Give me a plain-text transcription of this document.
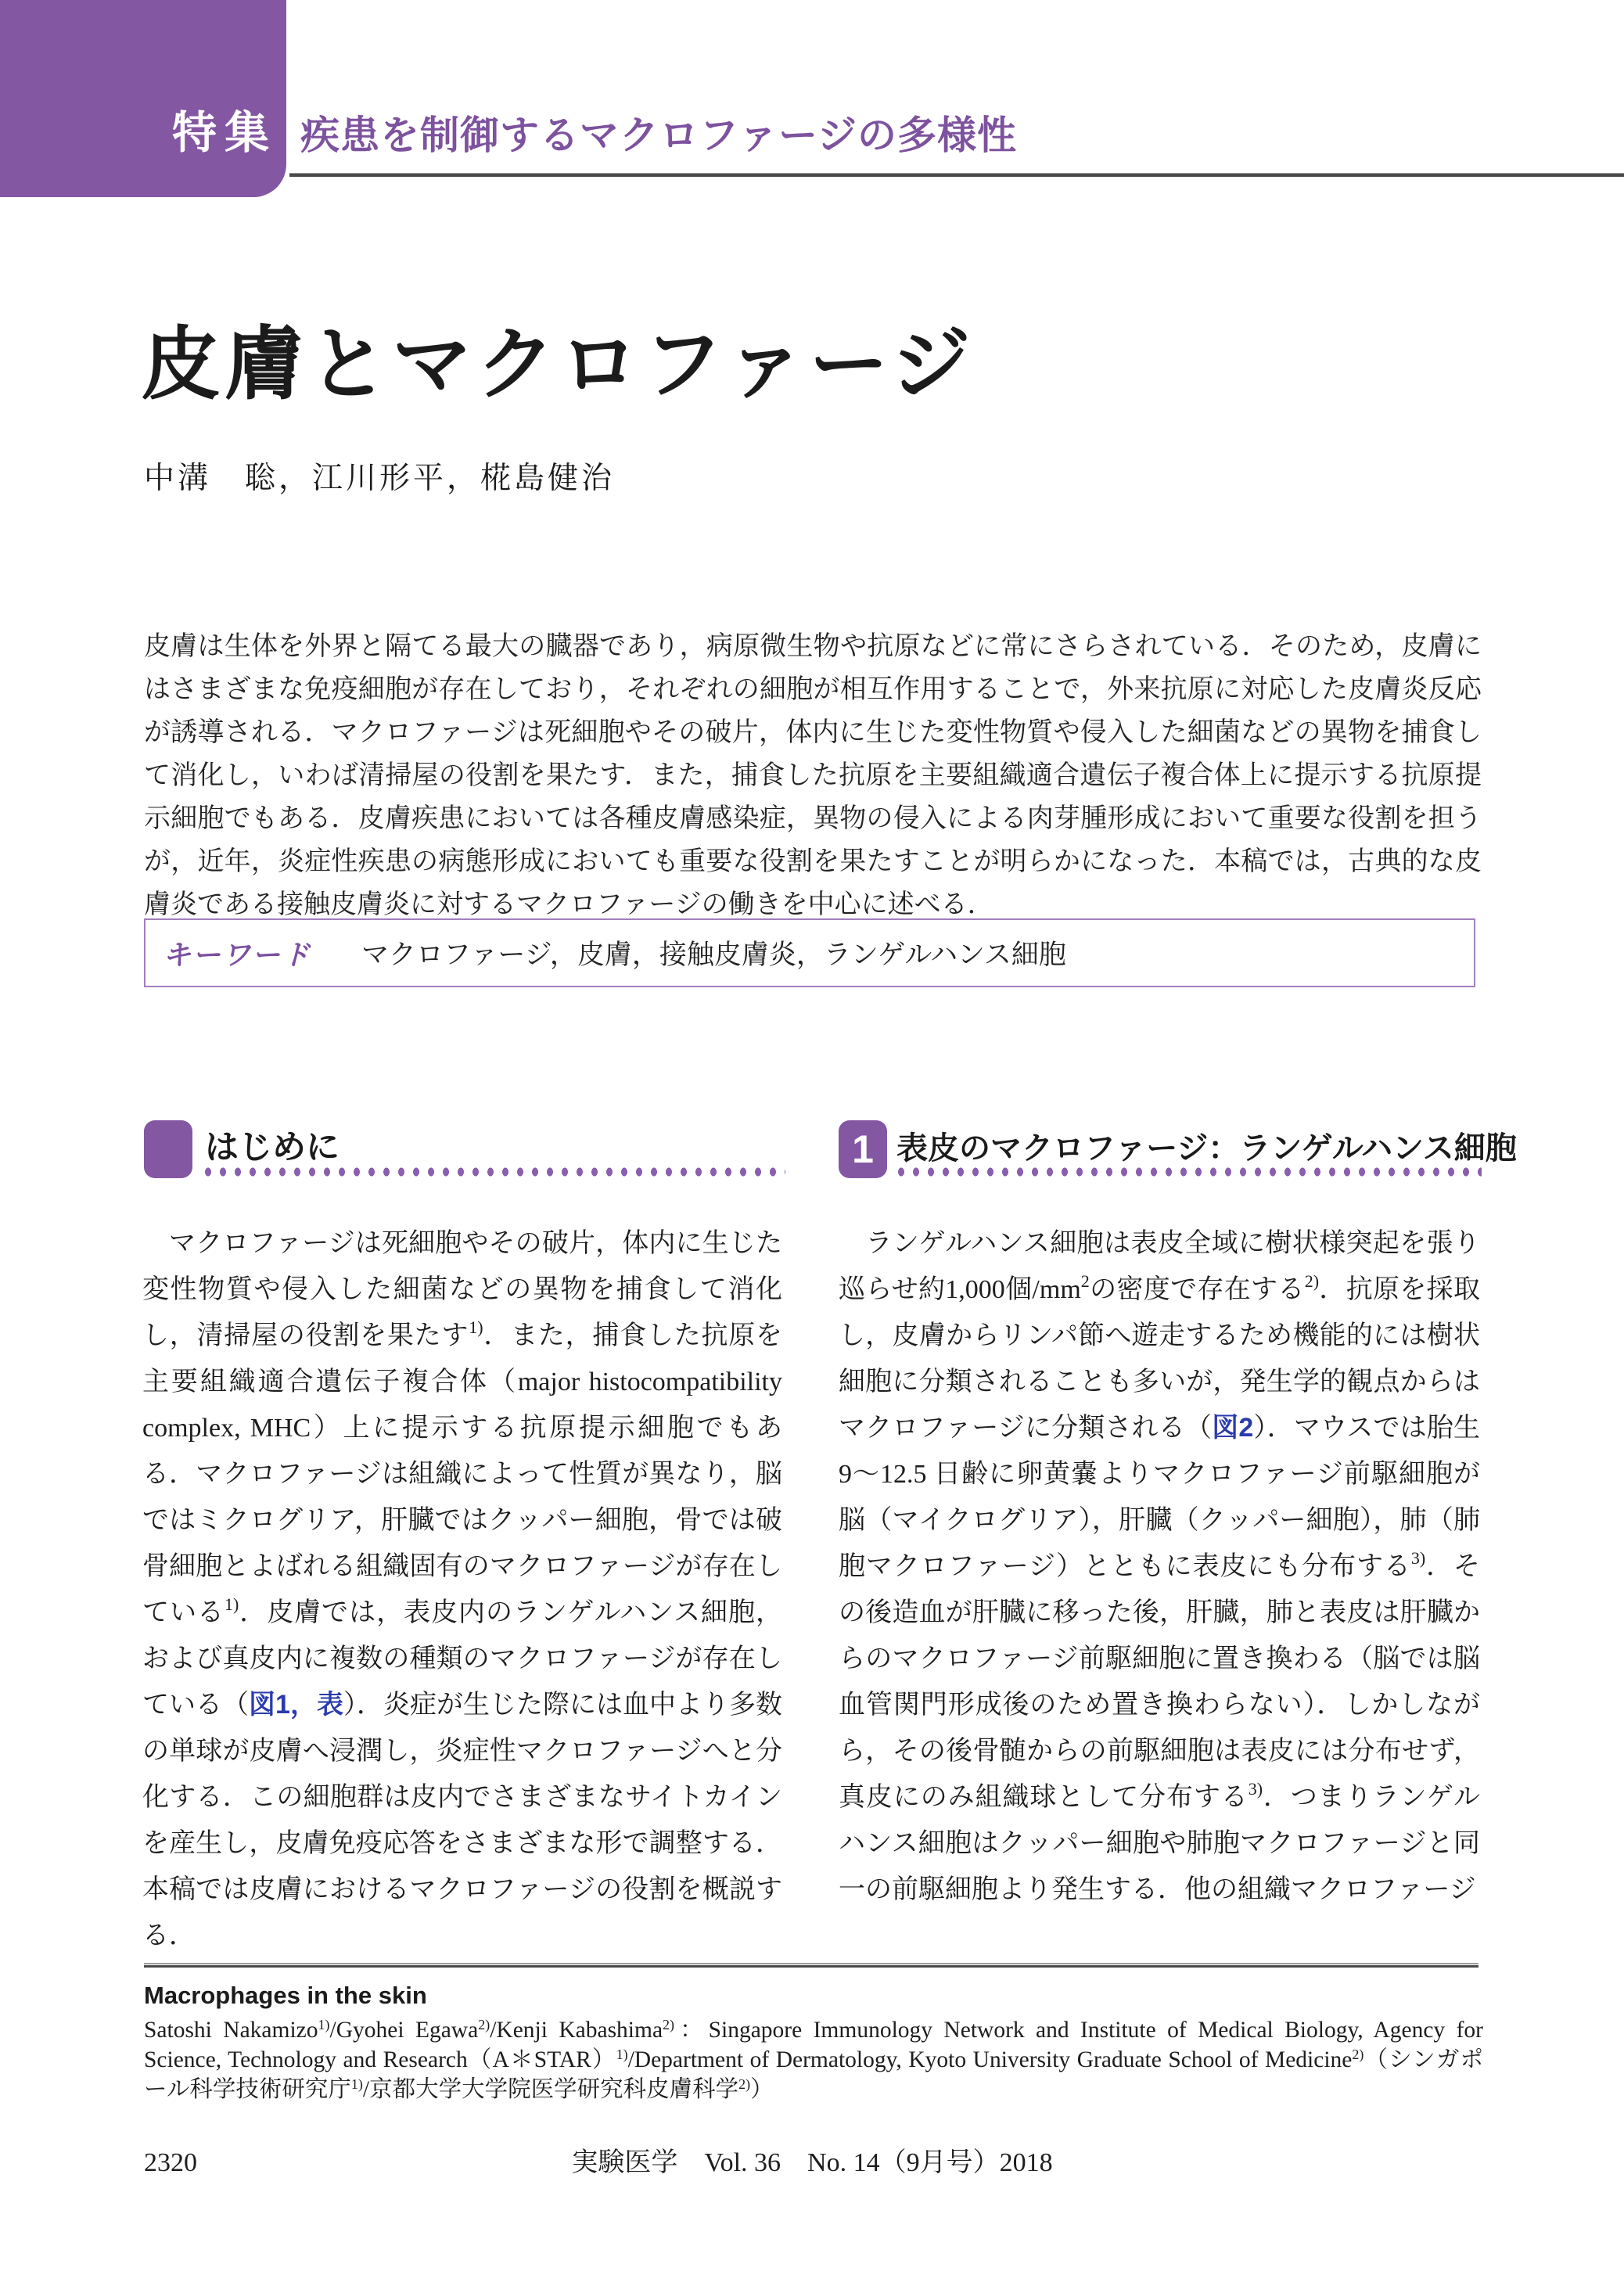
特集 疾患を制御するマクロファージの多様性
皮膚とマクロファージ
中溝　聡，江川形平，椛島健治
皮膚は生体を外界と隔てる最大の臓器であり，病原微生物や抗原などに常にさらされている．そのため，皮膚にはさまざまな免疫細胞が存在しており，それぞれの細胞が相互作用することで，外来抗原に対応した皮膚炎反応が誘導される．マクロファージは死細胞やその破片，体内に生じた変性物質や侵入した細菌などの異物を捕食して消化し，いわば清掃屋の役割を果たす．また，捕食した抗原を主要組織適合遺伝子複合体上に提示する抗原提示細胞でもある．皮膚疾患においては各種皮膚感染症，異物の侵入による肉芽腫形成において重要な役割を担うが，近年，炎症性疾患の病態形成においても重要な役割を果たすことが明らかになった．本稿では，古典的な皮膚炎である接触皮膚炎に対するマクロファージの働きを中心に述べる．
キーワード マクロファージ，皮膚，接触皮膚炎，ランゲルハンス細胞
はじめに	1 表皮のマクロファージ：ランゲルハンス細胞
　マクロファージは死細胞やその破片，体内に生じた変性物質や侵入した細菌などの異物を捕食して消化し，清掃屋の役割を果たす$^{1)}$．また，捕食した抗原を主要組織適合遺伝子複合体（major histocompatibility complex, MHC）上に提示する抗原提示細胞でもある．マクロファージは組織によって性質が異なり，脳ではミクログリア，肝臓ではクッパー細胞，骨では破骨細胞とよばれる組織固有のマクロファージが存在している$^{1)}$．皮膚では，表皮内のランゲルハンス細胞，および真皮内に複数の種類のマクロファージが存在している（図1，表）．炎症が生じた際には血中より多数の単球が皮膚へ浸潤し，炎症性マクロファージへと分化する．この細胞群は皮内でさまざまなサイトカインを産生し，皮膚免疫応答をさまざまな形で調整する．本稿では皮膚におけるマクロファージの役割を概説する．
　ランゲルハンス細胞は表皮全域に樹状様突起を張り巡らせ約1,000個$/mm^2$の密度で存在する$^{2)}$．抗原を採取し，皮膚からリンパ節へ遊走するため機能的には樹状細胞に分類されることも多いが，発生学的観点からはマクロファージに分類される（図2）．マウスでは胎生 9〜12.5 日齢に卵黄嚢よりマクロファージ前駆細胞が脳（マイクログリア），肝臓（クッパー細胞），肺（肺胞マクロファージ）とともに表皮にも分布する$^{3)}$．その後造血が肝臓に移った後，肝臓，肺と表皮は肝臓からのマクロファージ前駆細胞に置き換わる（脳では脳血管関門形成後のため置き換わらない）．しかしながら，その後骨髄からの前駆細胞は表皮には分布せず，真皮にのみ組織球として分布する$^{3)}$．つまりランゲルハンス細胞はクッパー細胞や肺胞マクロファージと同一の前駆細胞より発生する．他の組織マクロファージ
Macrophages in the skin
Satoshi Nakamizo$^{1)}$/Gyohei Egawa$^{2)}$/Kenji Kabashima$^{2)}$：Singapore Immunology Network and Institute of Medical Biology, Agency for Science, Technology and Research（A＊STAR）$^{1)}$/Department of Dermatology, Kyoto University Graduate School of Medicine$^{2)}$（シンガポール科学技術研究庁$^{1)}$/京都大学大学院医学研究科皮膚科学$^{2)}$）
2320	実験医学　Vol. 36　No. 14（9月号）2018
